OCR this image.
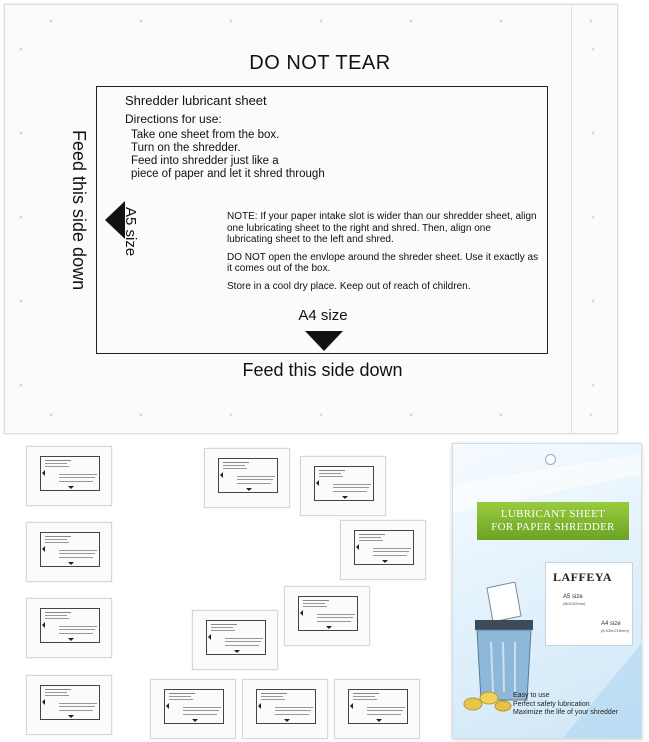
DO NOT TEAR
Feed this side down
Shredder lubricant sheet
Directions for use:
Take one sheet from the box.
Turn on the shredder.
Feed into shredder just like a
piece of paper and let it shred through
A5 size	NOTE: If your paper intake slot is wider than our shredder sheet, align one lubricating sheet to the right and shred. Then, align one lubricating sheet to the left and shred.

DO NOT open the envlope around the shreder sheet. Use it exactly as it comes out of the box.

Store in a cool dry place. Keep out of reach of children.

A4 size
Feed this side down
LUBRICANT SHEET
FOR PAPER SHREDDER
LAFFEYA
A5 size
(8in/152mm)
A4 size
(8.53in/216mm)
Easy to use
Perfect safety lubrication
Maximize the life of your shredder
